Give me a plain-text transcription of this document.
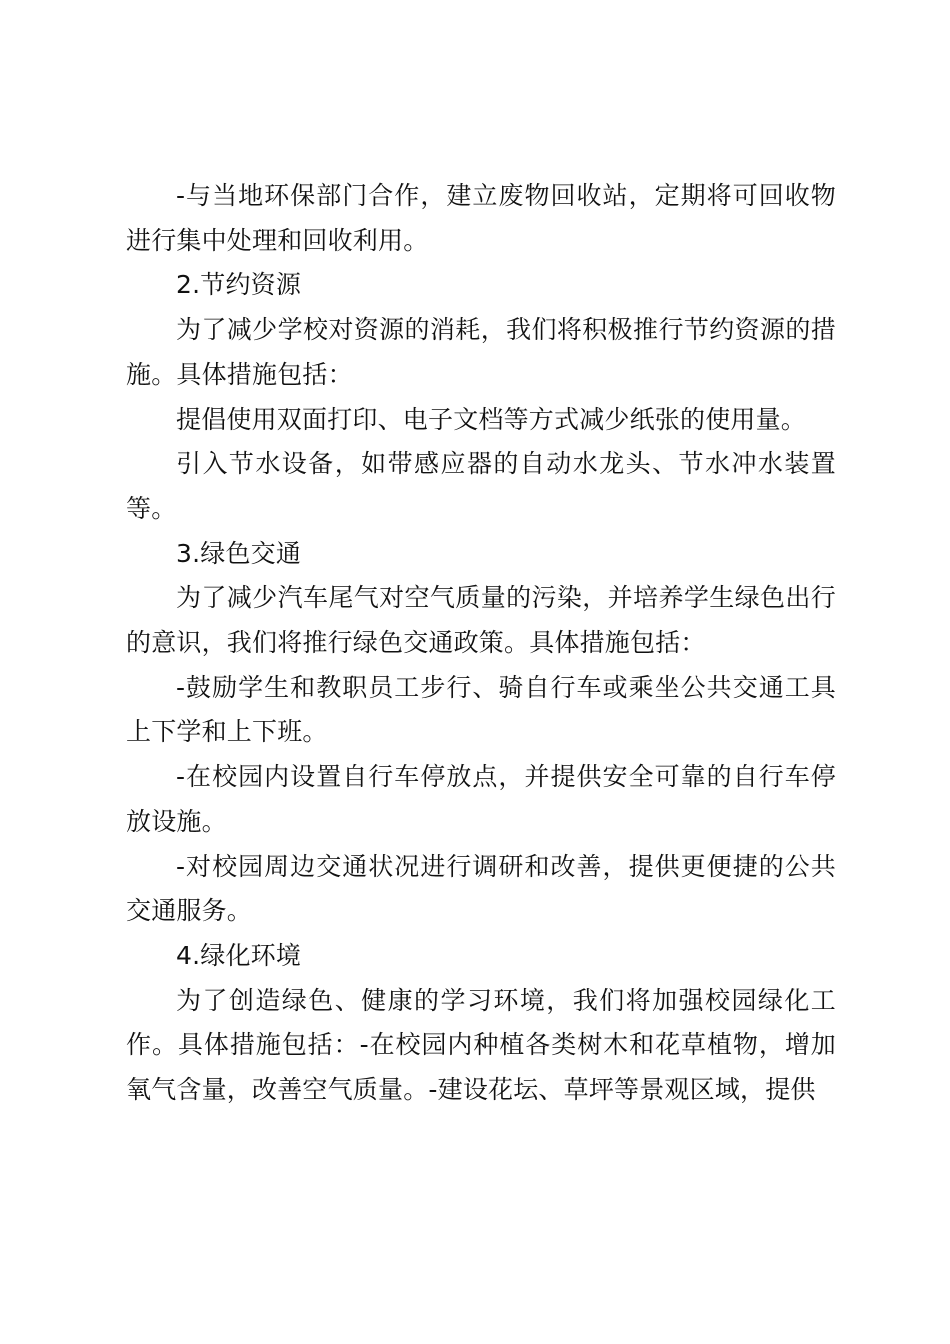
-与当地环保部门合作，建立废物回收站，定期将可回收物进行集中处理和回收利用。

2.节约资源

为了减少学校对资源的消耗，我们将积极推行节约资源的措施。具体措施包括：

提倡使用双面打印、电子文档等方式减少纸张的使用量。

引入节水设备，如带感应器的自动水龙头、节水冲水装置等。

3.绿色交通

为了减少汽车尾气对空气质量的污染，并培养学生绿色出行的意识，我们将推行绿色交通政策。具体措施包括：

-鼓励学生和教职员工步行、骑自行车或乘坐公共交通工具上下学和上下班。

-在校园内设置自行车停放点，并提供安全可靠的自行车停放设施。

-对校园周边交通状况进行调研和改善，提供更便捷的公共交通服务。

4.绿化环境

为了创造绿色、健康的学习环境，我们将加强校园绿化工作。具体措施包括：-在校园内种植各类树木和花草植物，增加氧气含量，改善空气质量。-建设花坛、草坪等景观区域，提供
